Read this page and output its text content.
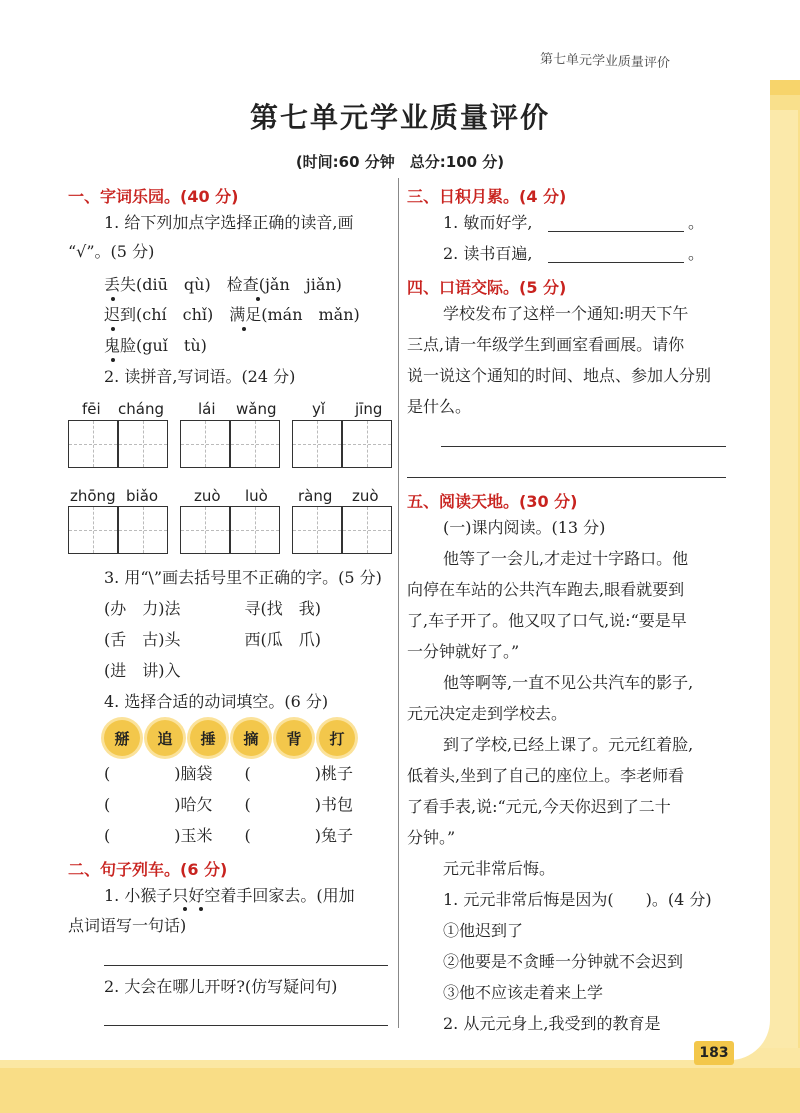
第七单元学业质量评价
第七单元学业质量评价
(时间:60 分钟　总分:100 分)
一、字词乐园。(40 分)
1. 给下列加点字选择正确的读音,画
“√”。(5 分)
丢失(diū　qù)　检查(jǎn　jiǎn)
迟到(chí　chǐ)　满足(mán　mǎn)
鬼脸(guǐ　tù)
2. 读拼音,写词语。(24 分)
fēi cháng lái wǎng yǐ jīng
zhōng biǎo zuò luò ràng zuò
3. 用“\”画去括号里不正确的字。(5 分)
(办　力)法　　　　寻(找　我)
(舌　古)头　　　　西(瓜　爪)
(进　讲)入
4. 选择合适的动词填空。(6 分)
掰	追	捶	摘	背	打
(　　　　)脑袋　　(　　　　)桃子
(　　　　)哈欠　　(　　　　)书包
(　　　　)玉米　　(　　　　)兔子
二、句子列车。(6 分)
1. 小猴子只好空着手回家去。(用加
点词语写一句话)
2. 大会在哪儿开呀?(仿写疑问句)
三、日积月累。(4 分)
1. 敏而好学,	。
2. 读书百遍,	。
四、口语交际。(5 分)
学校发布了这样一个通知:明天下午
三点,请一年级学生到画室看画展。请你
说一说这个通知的时间、地点、参加人分别
是什么。
五、阅读天地。(30 分)
(一)课内阅读。(13 分)
他等了一会儿,才走过十字路口。他
向停在车站的公共汽车跑去,眼看就要到
了,车子开了。他又叹了口气,说:“要是早
一分钟就好了。”
他等啊等,一直不见公共汽车的影子,
元元决定走到学校去。
到了学校,已经上课了。元元红着脸,
低着头,坐到了自己的座位上。李老师看
了看手表,说:“元元,今天你迟到了二十
分钟。”
元元非常后悔。
1. 元元非常后悔是因为(　　)。(4 分)
①他迟到了
②他要是不贪睡一分钟就不会迟到
③他不应该走着来上学
2. 从元元身上,我受到的教育是
183
